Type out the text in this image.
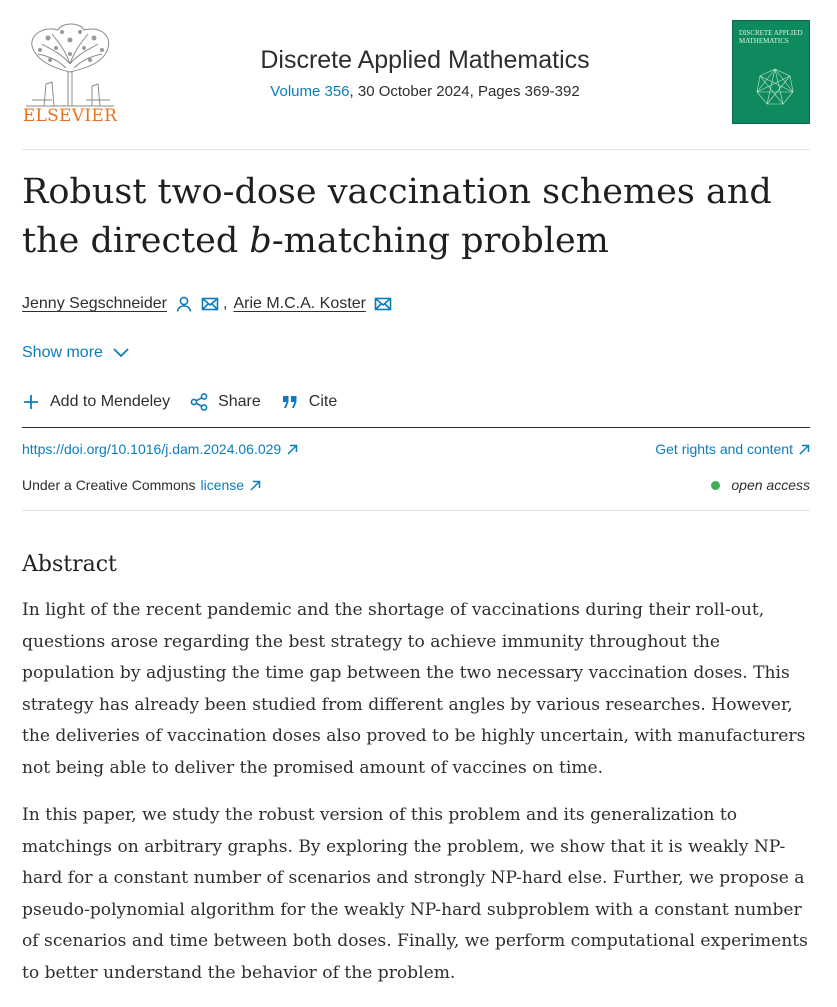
ELSEVIER
Discrete Applied Mathematics
Volume 356, 30 October 2024, Pages 369-392
DISCRETE APPLIED MATHEMATICS
Robust two-dose vaccination schemes and the directed b-matching problem
Jenny Segschneider	, Arie M.C.A. Koster
Show more
Add to Mendeley	Share	Cite
https://doi.org/10.1016/j.dam.2024.06.029	Get rights and content
Under a Creative Commons license	open access
Abstract

In light of the recent pandemic and the shortage of vaccinations during their roll-out, questions arose regarding the best strategy to achieve immunity throughout the population by adjusting the time gap between the two necessary vaccination doses. This strategy has already been studied from different angles by various researches. However, the deliveries of vaccination doses also proved to be highly uncertain, with manufacturers not being able to deliver the promised amount of vaccines on time.

In this paper, we study the robust version of this problem and its generalization to matchings on arbitrary graphs. By exploring the problem, we show that it is weakly NP-hard for a constant number of scenarios and strongly NP-hard else. Further, we propose a pseudo-polynomial algorithm for the weakly NP-hard subproblem with a constant number of scenarios and time between both doses. Finally, we perform computational experiments to better understand the behavior of the problem.
